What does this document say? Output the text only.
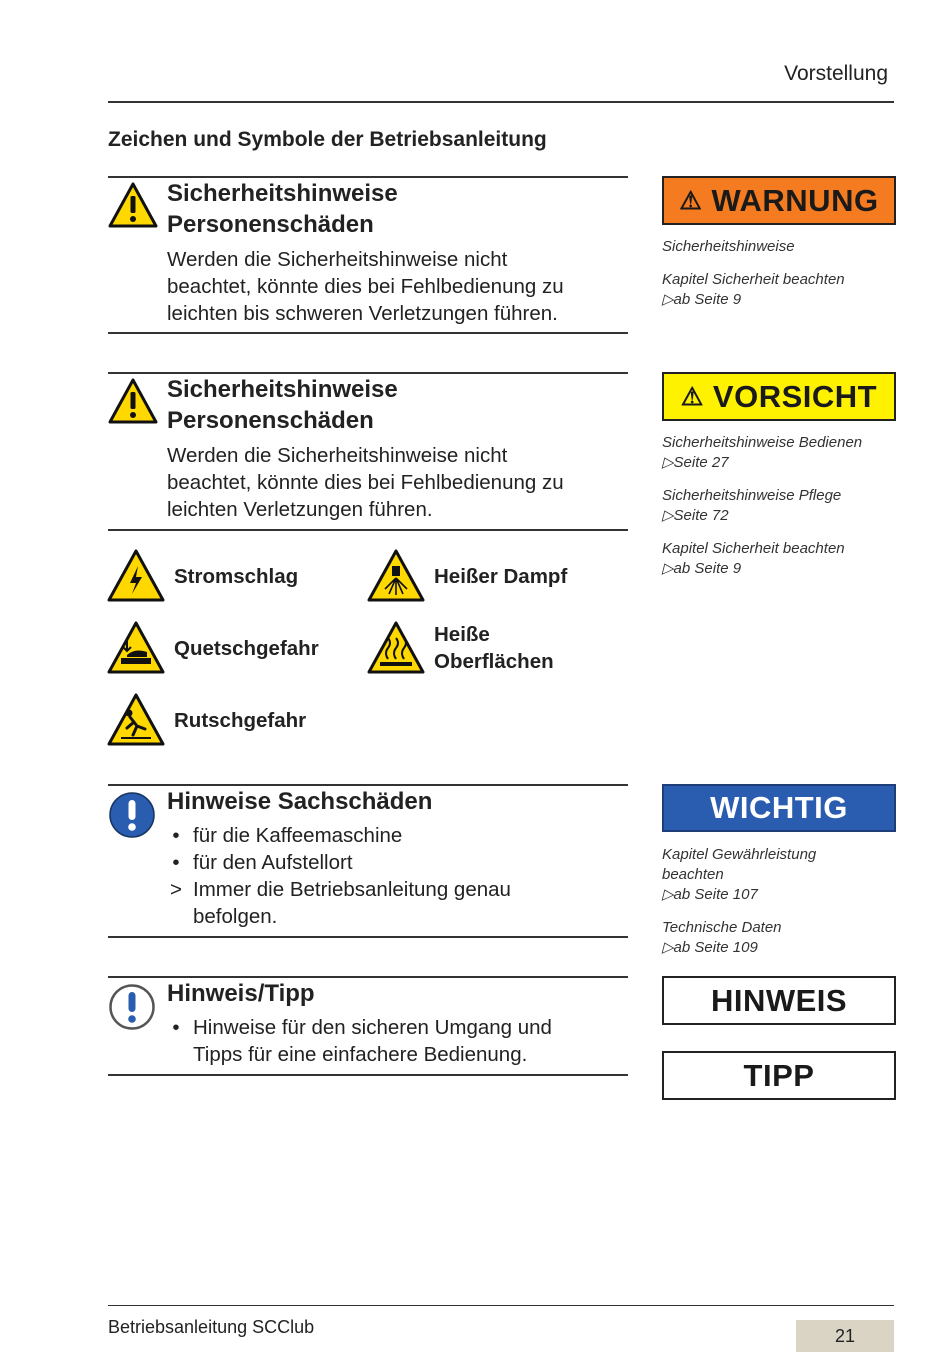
Vorstellung
Zeichen und Symbole der Betriebsanleitung
Sicherheitshinweise
Personenschäden
Werden die Sicherheitshinweise nicht
beachtet, könnte dies bei Fehlbedienung zu
leichten bis schweren Verletzungen führen.
Sicherheitshinweise
Personenschäden
Werden die Sicherheitshinweise nicht
beachtet, könnte dies bei Fehlbedienung zu
leichten Verletzungen führen.
Stromschlag	Heißer Dampf
Quetschgefahr
Heiße
Oberflächen
Rutschgefahr
Hinweise Sachschäden
• für die Kaffeemaschine
• für den Aufstellort
> Immer die Betriebsanleitung genau
befolgen.
Hinweis/Tipp
• Hinweise für den sicheren Umgang und
Tipps für eine einfachere Bedienung.
⚠ WARNUNG
Sicherheitshinweise
Kapitel Sicherheit beachten
▷ab Seite 9
⚠ VORSICHT
Sicherheitshinweise Bedienen
▷Seite 27
Sicherheitshinweise Pflege
▷Seite 72
Kapitel Sicherheit beachten
▷ab Seite 9
WICHTIG
Kapitel Gewährleistung
beachten
▷ab Seite 107
Technische Daten
▷ab Seite 109
HINWEIS
TIPP
Betriebsanleitung SCClub	21
